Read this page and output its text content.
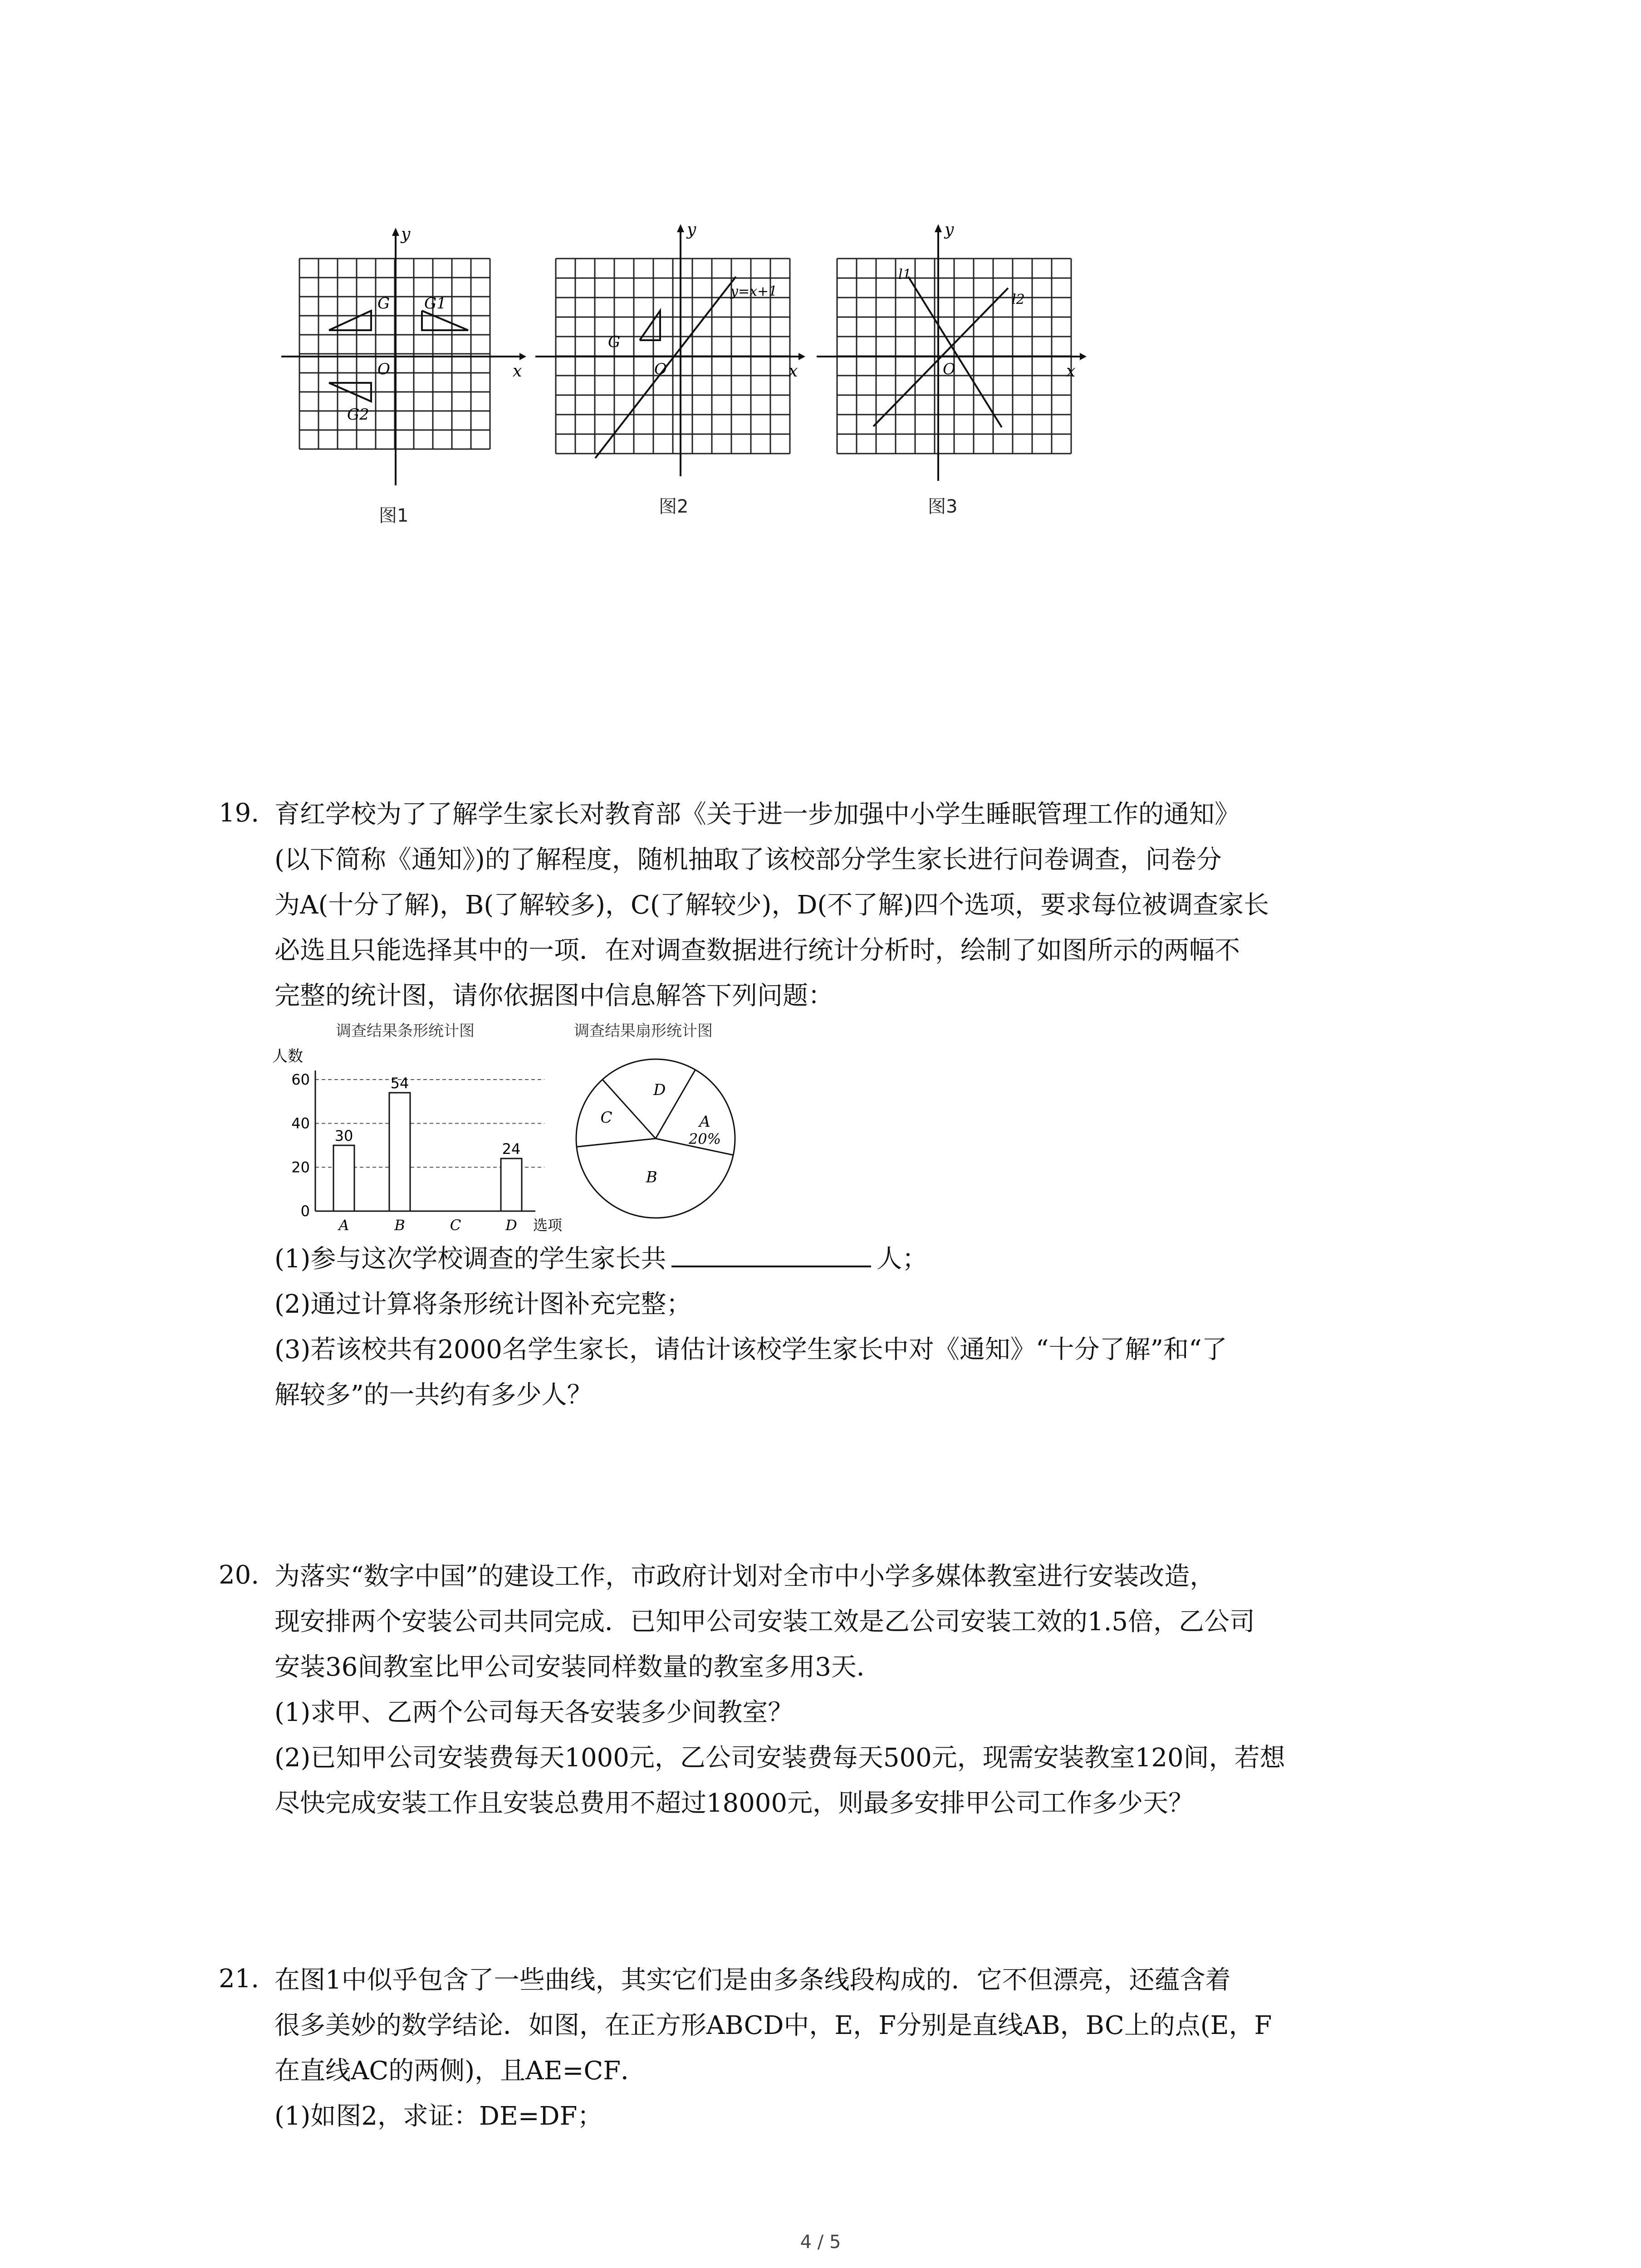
y
x
O
G G1
G2
图1
y
x
O
G
y=x+1
图2
y
x
O
l1
l2
图3
19. 育红学校为了了解学生家长对教育部《关于进一步加强中小学生睡眠管理工作的通知》
(以下简称《通知》)的了解程度，随机抽取了该校部分学生家长进行问卷调查，问卷分
为A(十分了解)，B(了解较多)，C(了解较少)，D(不了解)四个选项，要求每位被调查家长
必选且只能选择其中的一项．在对调查数据进行统计分析时，绘制了如图所示的两幅不
完整的统计图，请你依据图中信息解答下列问题：
调查结果条形统计图
人数
0
20
40
60
30
A
54
B	C
24
D 选项
调查结果扇形统计图
A
20%
B
C
D
(1)参与这次学校调查的学生家长共	人；
(2)通过计算将条形统计图补充完整；
(3)若该校共有2000名学生家长，请估计该校学生家长中对《通知》“十分了解”和“了
解较多”的一共约有多少人？
20. 为落实“数字中国”的建设工作，市政府计划对全市中小学多媒体教室进行安装改造，
现安排两个安装公司共同完成．已知甲公司安装工效是乙公司安装工效的1.5倍，乙公司
安装36间教室比甲公司安装同样数量的教室多用3天．
(1)求甲、乙两个公司每天各安装多少间教室？
(2)已知甲公司安装费每天1000元，乙公司安装费每天500元，现需安装教室120间，若想
尽快完成安装工作且安装总费用不超过18000元，则最多安排甲公司工作多少天？
21. 在图1中似乎包含了一些曲线，其实它们是由多条线段构成的．它不但漂亮，还蕴含着
很多美妙的数学结论．如图，在正方形ABCD中，E，F分别是直线AB，BC上的点(E，F
在直线AC的两侧)，且AE=CF．
(1)如图2，求证：DE=DF；
4 / 5
